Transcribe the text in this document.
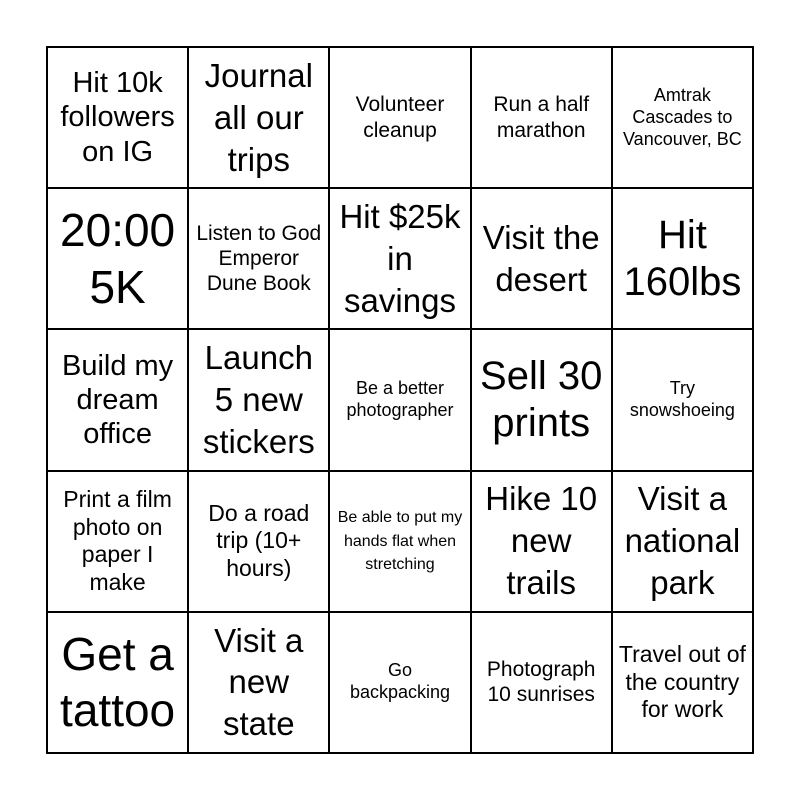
Hit 10k followers on IG
Journal all our trips
Volunteer cleanup
Run a half marathon
Amtrak Cascades to Vancouver, BC
20:00 5K
Listen to God Emperor Dune Book
Hit $25k in savings
Visit the desert
Hit 160lbs
Build my dream office
Launch 5 new stickers
Be a better photographer
Sell 30 prints
Try snowshoeing
Print a film photo on paper I make
Do a road trip (10+ hours)
Be able to put my hands flat when stretching
Hike 10 new trails
Visit a national park
Get a tattoo
Visit a new state
Go backpacking
Photograph 10 sunrises
Travel out of the country for work
